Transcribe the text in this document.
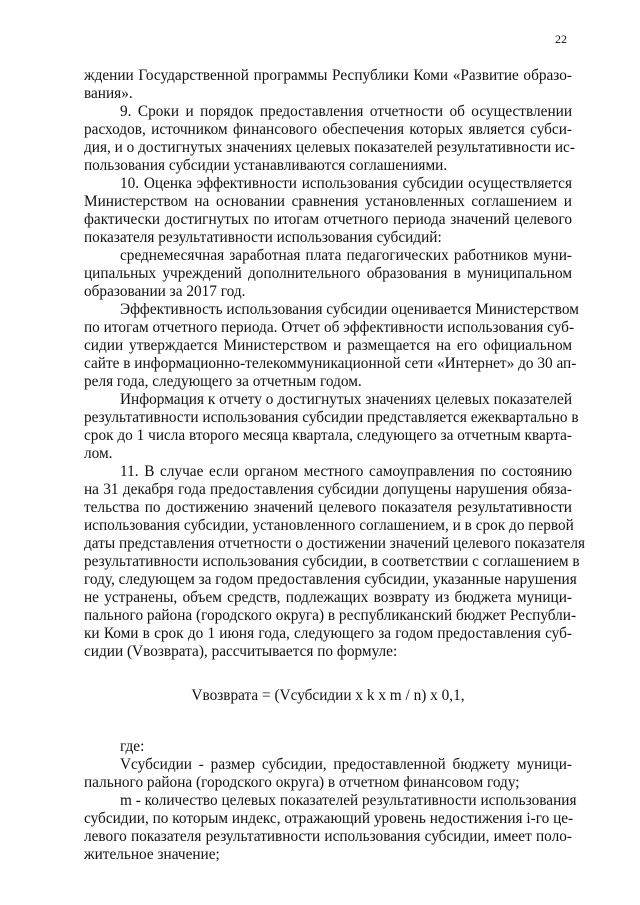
22
ждении Государственной программы Республики Коми «Развитие образо-
вания».
9. Сроки и порядок предоставления отчетности об осуществлении
расходов, источником финансового обеспечения которых является субси-
дия, и о достигнутых значениях целевых показателей результативности ис-
пользования субсидии устанавливаются соглашениями.
10. Оценка эффективности использования субсидии осуществляется
Министерством на основании сравнения установленных соглашением и
фактически достигнутых по итогам отчетного периода значений целевого
показателя результативности использования субсидий:
среднемесячная заработная плата педагогических работников муни-
ципальных учреждений дополнительного образования в муниципальном
образовании за 2017 год.
Эффективность использования субсидии оценивается Министерством
по итогам отчетного периода. Отчет об эффективности использования суб-
сидии утверждается Министерством и размещается на его официальном
сайте в информационно-телекоммуникационной сети «Интернет» до 30 ап-
реля года, следующего за отчетным годом.
Информация к отчету о достигнутых значениях целевых показателей
результативности использования субсидии представляется ежеквартально в
срок до 1 числа второго месяца квартала, следующего за отчетным кварта-
лом.
11. В случае если органом местного самоуправления по состоянию
на 31 декабря года предоставления субсидии допущены нарушения обяза-
тельства по достижению значений целевого показателя результативности
использования субсидии, установленного соглашением, и в срок до первой
даты представления отчетности о достижении значений целевого показателя
результативности использования субсидии, в соответствии с соглашением в
году, следующем за годом предоставления субсидии, указанные нарушения
не устранены, объем средств, подлежащих возврату из бюджета муници-
пального района (городского округа) в республиканский бюджет Республи-
ки Коми в срок до 1 июня года, следующего за годом предоставления суб-
сидии (Vвозврата), рассчитывается по формуле:
Vвозврата = (Vсубсидии x k x m / n) x 0,1,
где:
Vсубсидии - размер субсидии, предоставленной бюджету муници-
пального района (городского округа) в отчетном финансовом году;
m - количество целевых показателей результативности использования
субсидии, по которым индекс, отражающий уровень недостижения i-го це-
левого показателя результативности использования субсидии, имеет поло-
жительное значение;
